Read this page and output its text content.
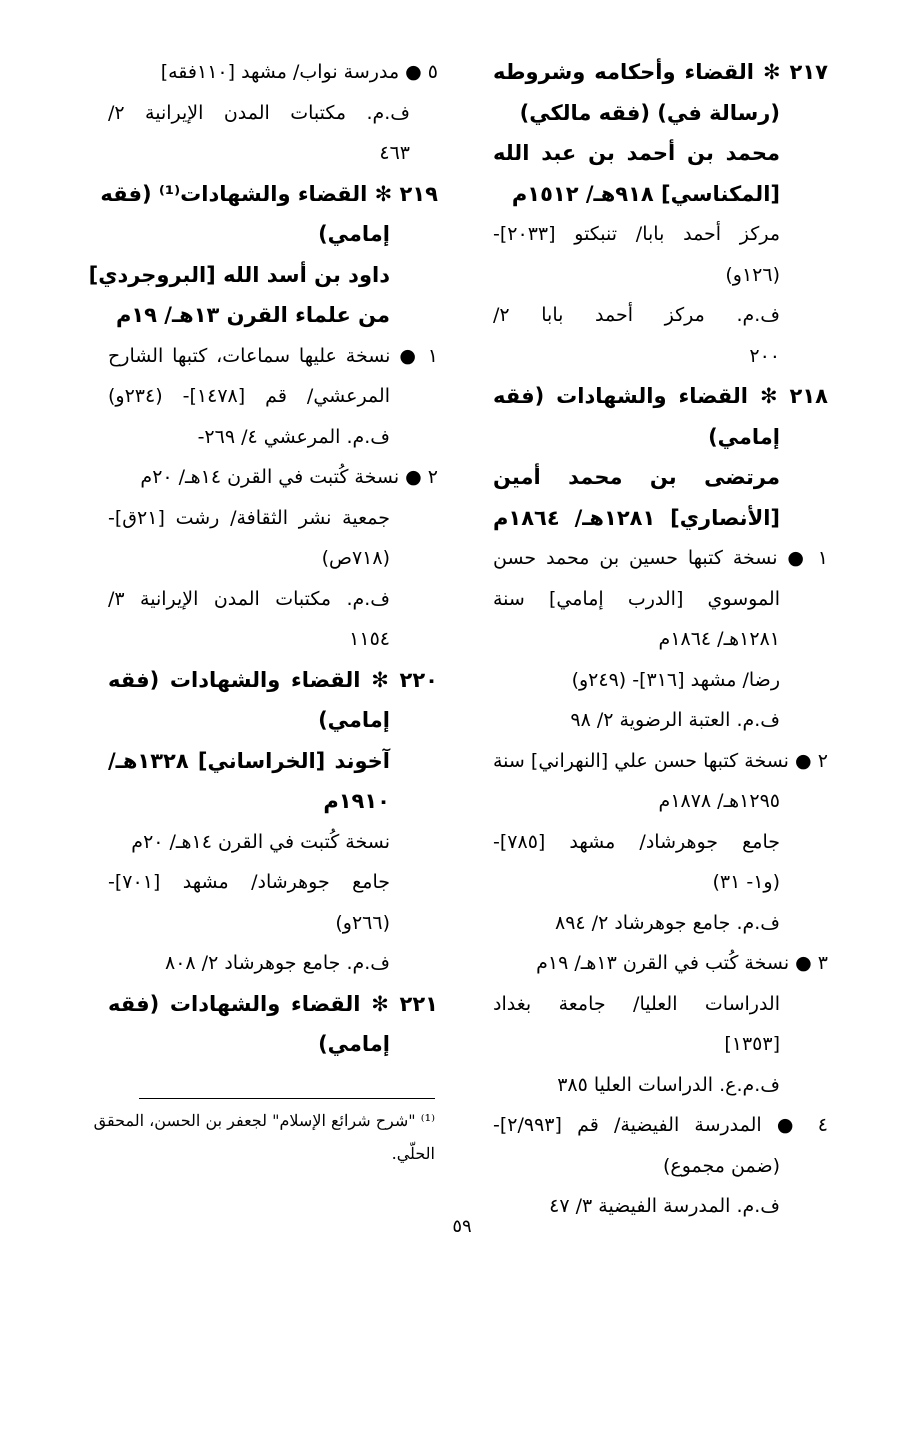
٢١٧ ✻ القضاء وأحكامه وشروطه
(رسالة في) (فقه مالكي)
محمد بن أحمد بن عبد الله
[المكناسي] ٩١٨هـ/ ١٥١٢م
مركز أحمد بابا/ تنبكتو [٢٠٣٣]-
(١٢٦و)
ف.م. مركز أحمد بابا ٢/
٢٠٠
٢١٨ ✻ القضاء والشهادات (فقه
إمامي)
مرتضى بن محمد أمين
[الأنصاري] ١٢٨١هـ/ ١٨٦٤م
١ ● نسخة كتبها حسين بن محمد حسن
الموسوي [الدرب إمامي] سنة
١٢٨١هـ/ ١٨٦٤م
رضا/ مشهد [٣١٦]- (٢٤٩و)
ف.م. العتبة الرضوية ٢/ ٩٨
٢ ● نسخة كتبها حسن علي [النهراني] سنة
١٢٩٥هـ/ ١٨٧٨م
جامع جوهرشاد/ مشهد [٧٨٥]-
(و١- ٣١)
ف.م. جامع جوهرشاد ٢/ ٨٩٤
٣ ● نسخة كُتب في القرن ١٣هـ/ ١٩م
الدراسات العليا/ جامعة بغداد
[١٣٥٣]
ف.م.ع. الدراسات العليا ٣٨٥
٤ ● المدرسة الفيضية/ قم [٢/٩٩٣]-
(ضمن مجموع)
ف.م. المدرسة الفيضية ٣/ ٤٧
٥ ● مدرسة نواب/ مشهد [١١٠فقه]
ف.م. مكتبات المدن الإيرانية ٢/
٤٦٣
٢١٩ ✻ القضاء والشهادات⁽¹⁾ (فقه
إمامي)
داود بن أسد الله [البروجردي]
من علماء القرن ١٣هـ/ ١٩م
١ ● نسخة عليها سماعات، كتبها الشارح
المرعشي/ قم [١٤٧٨]- (٢٣٤و)
ف.م. المرعشي ٤/ ٢٦٩-
٢ ● نسخة كُتبت في القرن ١٤هـ/ ٢٠م
جمعية نشر الثقافة/ رشت [٢١ق]-
(٧١٨ص)
ف.م. مكتبات المدن الإيرانية ٣/
١١٥٤
٢٢٠ ✻ القضاء والشهادات (فقه
إمامي)
آخوند [الخراساني] ١٣٢٨هـ/
١٩١٠م
نسخة كُتبت في القرن ١٤هـ/ ٢٠م
جامع جوهرشاد/ مشهد [٧٠١]-
(٢٦٦و)
ف.م. جامع جوهرشاد ٢/ ٨٠٨
٢٢١ ✻ القضاء والشهادات (فقه
إمامي)
⁽¹⁾ "شرح شرائع الإسلام" لجعفر بن الحسن، المحقق
الحلّي.
٥٩
